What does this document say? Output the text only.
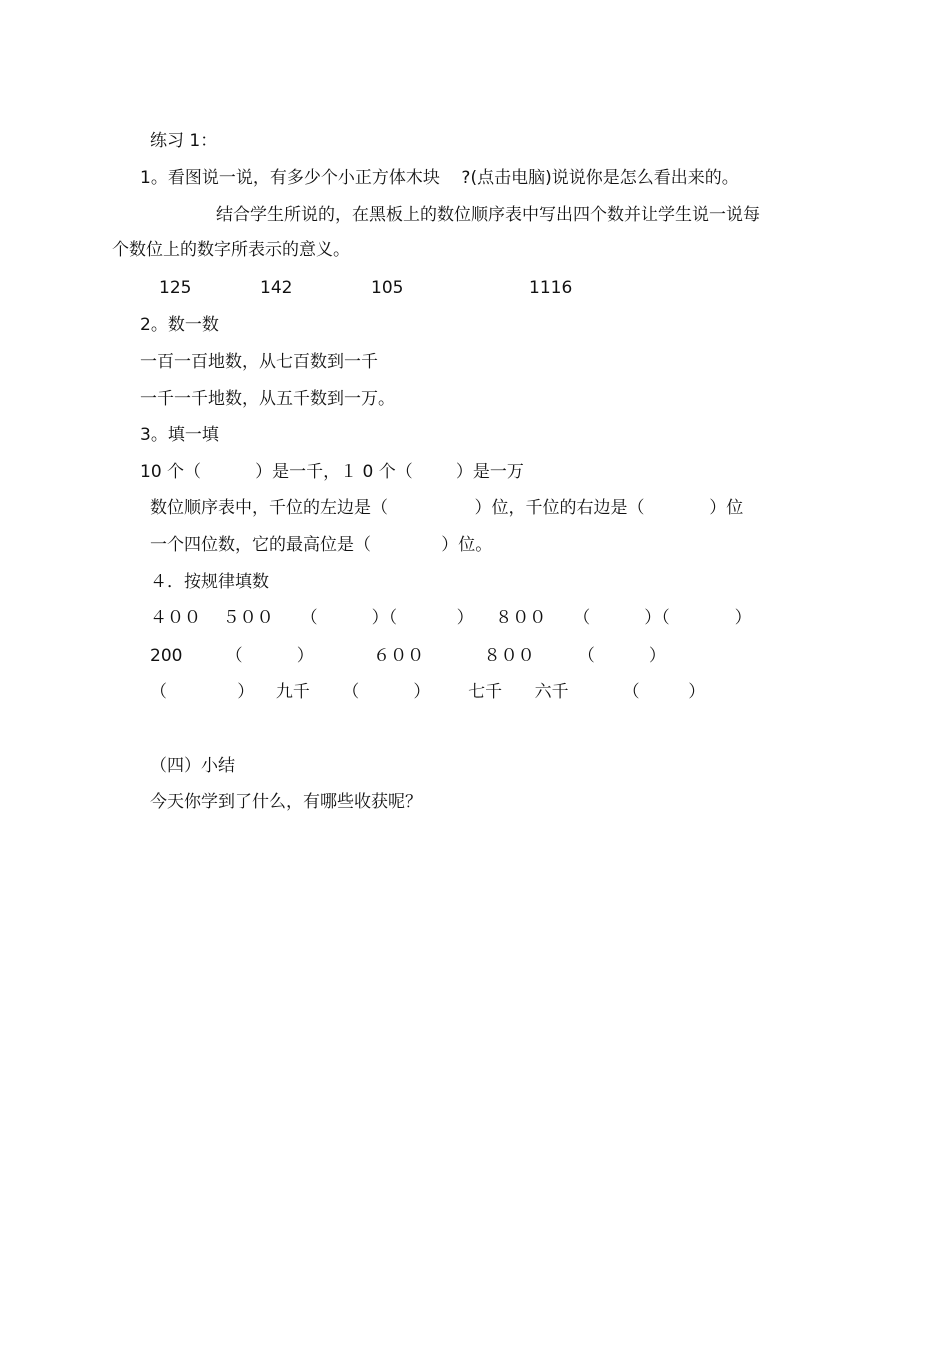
练习 1：
1。看图说一说，有多少个小正方体木块    ?(点击电脑)说说你是怎么看出来的。
结合学生所说的，在黑板上的数位顺序表中写出四个数并让学生说一说每
个数位上的数字所表示的意义。
125	142	105	1116
2。数一数
一百一百地数，从七百数到一千
一千一千地数，从五千数到一万。
3。填一填
10 个（          ）是一千，１ 0 个（        ）是一万
数位顺序表中，千位的左边是（                ）位，千位的右边是（            ）位
一个四位数，它的最高位是（             ）位。
４．按规律填数
４００    ５００     （          ）（           ）    ８００     （          ）（            ）
200        （          ）           ６００           ８００        （          ）
（             ）    九千      （          ）       七千      六千          （         ）
（四）小结
今天你学到了什么，有哪些收获呢？
